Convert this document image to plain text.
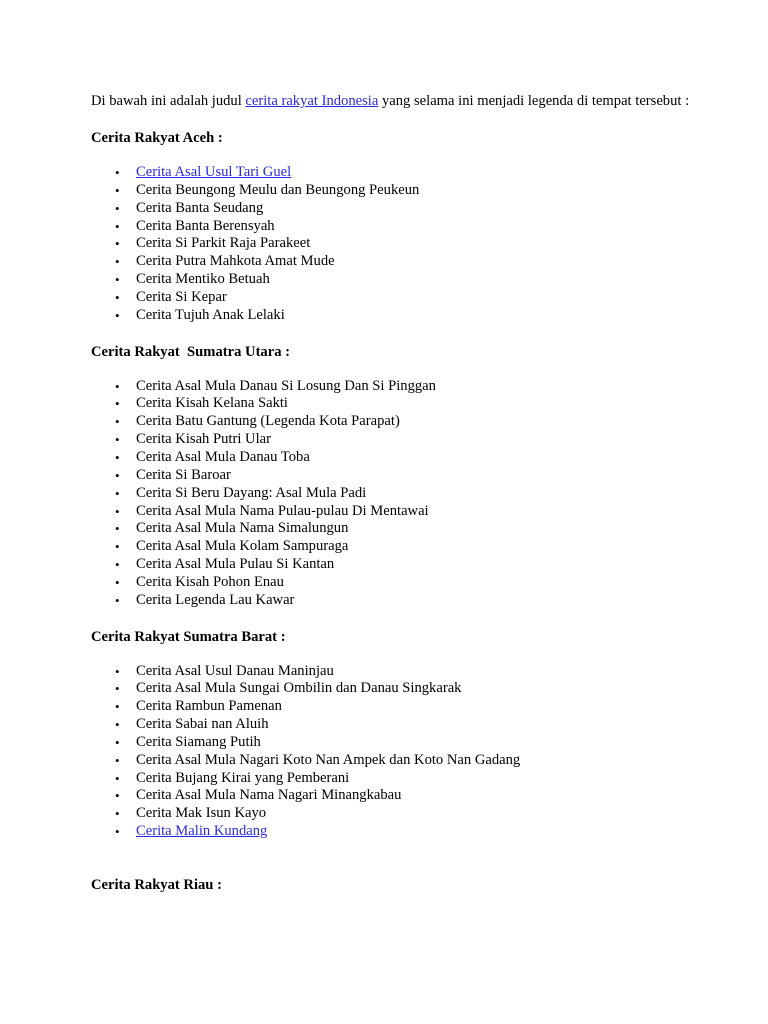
Di bawah ini adalah judul cerita rakyat Indonesia yang selama ini menjadi legenda di tempat tersebut :

Cerita Rakyat Aceh :

• Cerita Asal Usul Tari Guel
• Cerita Beungong Meulu dan Beungong Peukeun
• Cerita Banta Seudang
• Cerita Banta Berensyah
• Cerita Si Parkit Raja Parakeet
• Cerita Putra Mahkota Amat Mude
• Cerita Mentiko Betuah
• Cerita Si Kepar
• Cerita Tujuh Anak Lelaki

Cerita Rakyat  Sumatra Utara :

• Cerita Asal Mula Danau Si Losung Dan Si Pinggan
• Cerita Kisah Kelana Sakti
• Cerita Batu Gantung (Legenda Kota Parapat)
• Cerita Kisah Putri Ular
• Cerita Asal Mula Danau Toba
• Cerita Si Baroar
• Cerita Si Beru Dayang: Asal Mula Padi
• Cerita Asal Mula Nama Pulau-pulau Di Mentawai
• Cerita Asal Mula Nama Simalungun
• Cerita Asal Mula Kolam Sampuraga
• Cerita Asal Mula Pulau Si Kantan
• Cerita Kisah Pohon Enau
• Cerita Legenda Lau Kawar

Cerita Rakyat Sumatra Barat :

• Cerita Asal Usul Danau Maninjau
• Cerita Asal Mula Sungai Ombilin dan Danau Singkarak
• Cerita Rambun Pamenan
• Cerita Sabai nan Aluih
• Cerita Siamang Putih
• Cerita Asal Mula Nagari Koto Nan Ampek dan Koto Nan Gadang
• Cerita Bujang Kirai yang Pemberani
• Cerita Asal Mula Nama Nagari Minangkabau
• Cerita Mak Isun Kayo
• Cerita Malin Kundang

Cerita Rakyat Riau :
